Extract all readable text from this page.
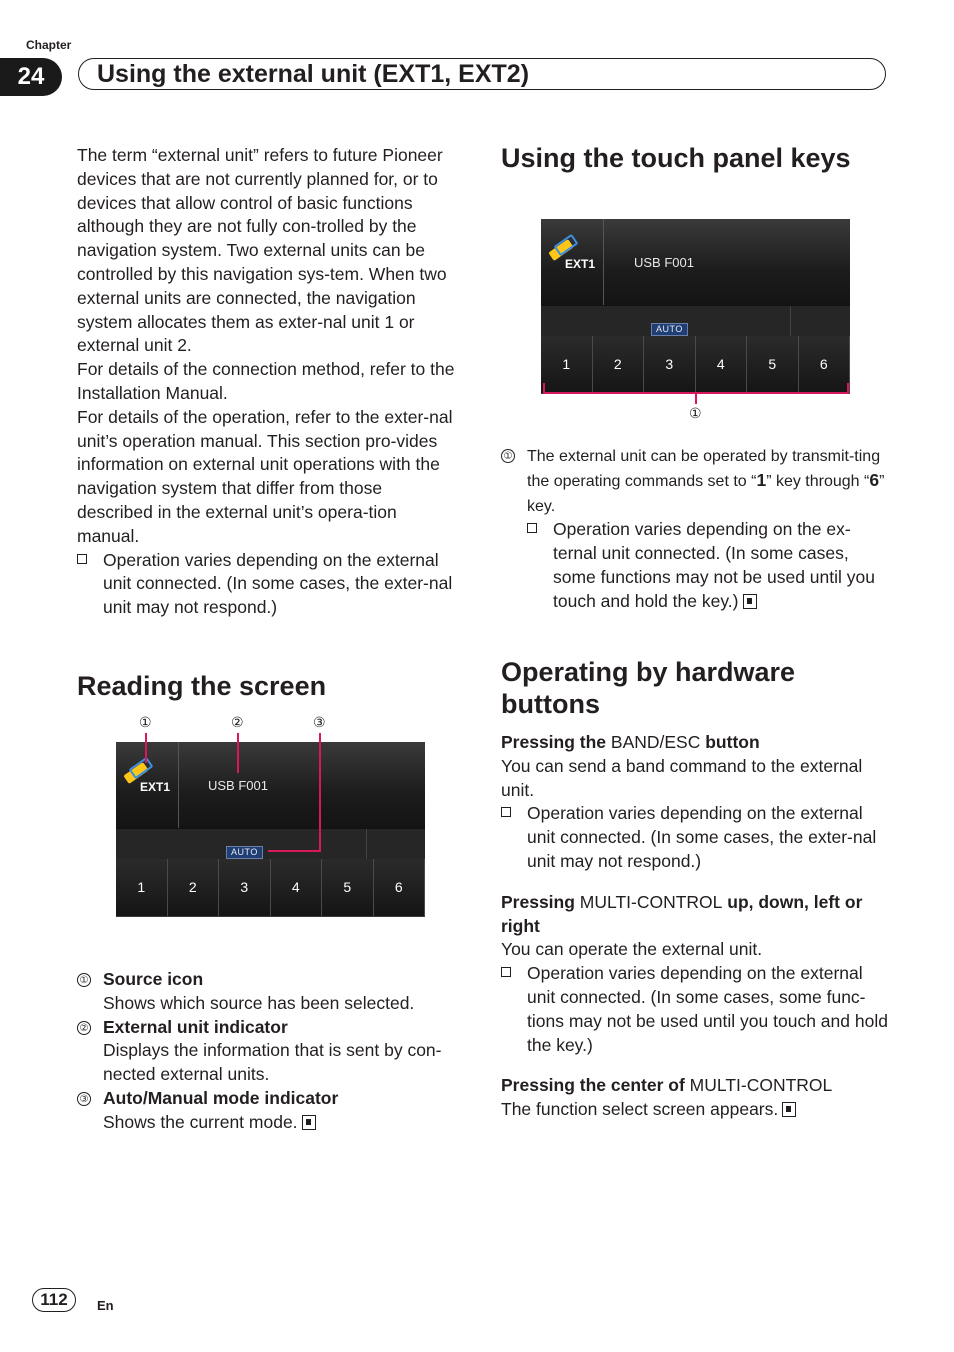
Chapter
24	Using the external unit (EXT1, EXT2)

The term “external unit” refers to future Pioneer devices that are not currently planned for, or to devices that allow control of basic functions although they are not fully con-trolled by the navigation system. Two external units can be controlled by this navigation sys-tem. When two external units are connected, the navigation system allocates them as exter-nal unit 1 or external unit 2.

For details of the connection method, refer to the Installation Manual.

For details of the operation, refer to the exter-nal unit’s operation manual. This section pro-vides information on external unit operations with the navigation system that differ from those described in the external unit’s opera-tion manual.

Operation varies depending on the external unit connected. (In some cases, the exter-nal unit may not respond.)
Reading the screen
①	②	③
EXT1	USB F001
AUTO
1	2	3	4	5	6
① Source icon
Shows which source has been selected.
② External unit indicator
Displays the information that is sent by con-nected external units.
③ Auto/Manual mode indicator
Shows the current mode.
Using the touch panel keys
EXT1	USB F001
AUTO
1	2	3	4	5	6
①
① The external unit can be operated by transmit-ting the operating commands set to “1” key through “6” key.
Operation varies depending on the ex-ternal unit connected. (In some cases, some functions may not be used until you touch and hold the key.)
Operating by hardware buttons
Pressing the BAND/ESC button

You can send a band command to the external unit.

Operation varies depending on the external unit connected. (In some cases, the exter-nal unit may not respond.)
Pressing MULTI-CONTROL up, down, left or right

You can operate the external unit.

Operation varies depending on the external unit connected. (In some cases, some func-tions may not be used until you touch and hold the key.)
Pressing the center of MULTI-CONTROL

The function select screen appears.

112	En
